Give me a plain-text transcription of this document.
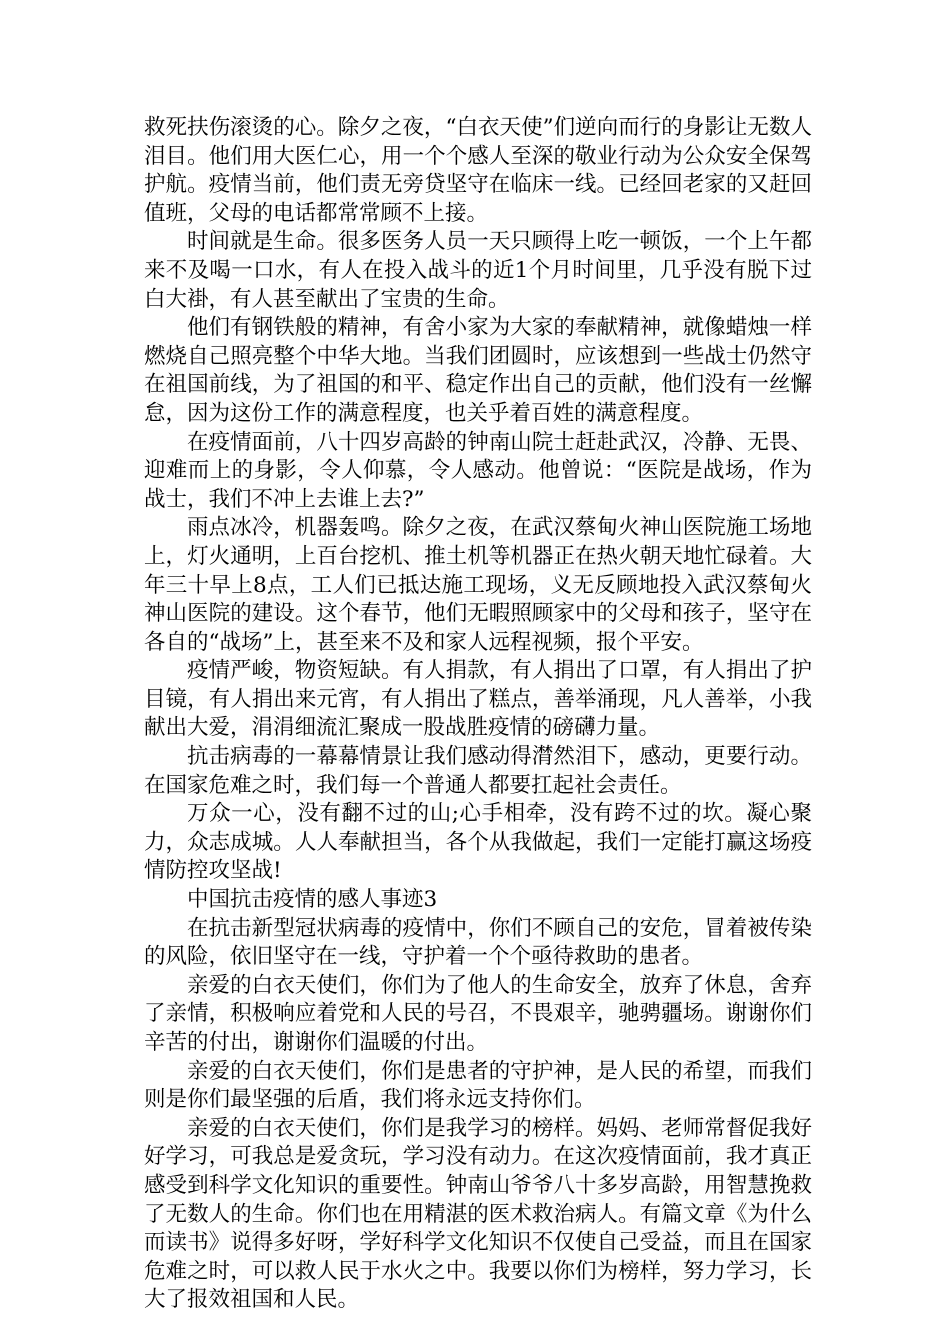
救死扶伤滚烫的心。除夕之夜，“白衣天使”们逆向而行的身影让无数人泪目。他们用大医仁心，用一个个感人至深的敬业行动为公众安全保驾护航。疫情当前，他们责无旁贷坚守在临床一线。已经回老家的又赶回值班，父母的电话都常常顾不上接。

时间就是生命。很多医务人员一天只顾得上吃一顿饭，一个上午都来不及喝一口水，有人在投入战斗的近1个月时间里，几乎没有脱下过白大褂，有人甚至献出了宝贵的生命。

他们有钢铁般的精神，有舍小家为大家的奉献精神，就像蜡烛一样燃烧自己照亮整个中华大地。当我们团圆时，应该想到一些战士仍然守在祖国前线，为了祖国的和平、稳定作出自己的贡献，他们没有一丝懈怠，因为这份工作的满意程度，也关乎着百姓的满意程度。

在疫情面前，八十四岁高龄的钟南山院士赶赴武汉，冷静、无畏、迎难而上的身影，令人仰慕，令人感动。他曾说：“医院是战场，作为战士，我们不冲上去谁上去?”

雨点冰冷，机器轰鸣。除夕之夜，在武汉蔡甸火神山医院施工场地上，灯火通明，上百台挖机、推土机等机器正在热火朝天地忙碌着。大年三十早上8点，工人们已抵达施工现场，义无反顾地投入武汉蔡甸火神山医院的建设。这个春节，他们无暇照顾家中的父母和孩子，坚守在各自的“战场”上，甚至来不及和家人远程视频，报个平安。

疫情严峻，物资短缺。有人捐款，有人捐出了口罩，有人捐出了护目镜，有人捐出来元宵，有人捐出了糕点，善举涌现，凡人善举，小我献出大爱，涓涓细流汇聚成一股战胜疫情的磅礴力量。

抗击病毒的一幕幕情景让我们感动得潸然泪下，感动，更要行动。在国家危难之时，我们每一个普通人都要扛起社会责任。

万众一心，没有翻不过的山;心手相牵，没有跨不过的坎。凝心聚力，众志成城。人人奉献担当，各个从我做起，我们一定能打赢这场疫情防控攻坚战!

中国抗击疫情的感人事迹3

在抗击新型冠状病毒的疫情中，你们不顾自己的安危，冒着被传染的风险，依旧坚守在一线，守护着一个个亟待救助的患者。

亲爱的白衣天使们，你们为了他人的生命安全，放弃了休息，舍弃了亲情，积极响应着党和人民的号召，不畏艰辛，驰骋疆场。谢谢你们辛苦的付出，谢谢你们温暖的付出。

亲爱的白衣天使们，你们是患者的守护神，是人民的希望，而我们则是你们最坚强的后盾，我们将永远支持你们。

亲爱的白衣天使们，你们是我学习的榜样。妈妈、老师常督促我好好学习，可我总是爱贪玩，学习没有动力。在这次疫情面前，我才真正感受到科学文化知识的重要性。钟南山爷爷八十多岁高龄，用智慧挽救了无数人的生命。你们也在用精湛的医术救治病人。有篇文章《为什么而读书》说得多好呀，学好科学文化知识不仅使自己受益，而且在国家危难之时，可以救人民于水火之中。我要以你们为榜样，努力学习，长大了报效祖国和人民。
